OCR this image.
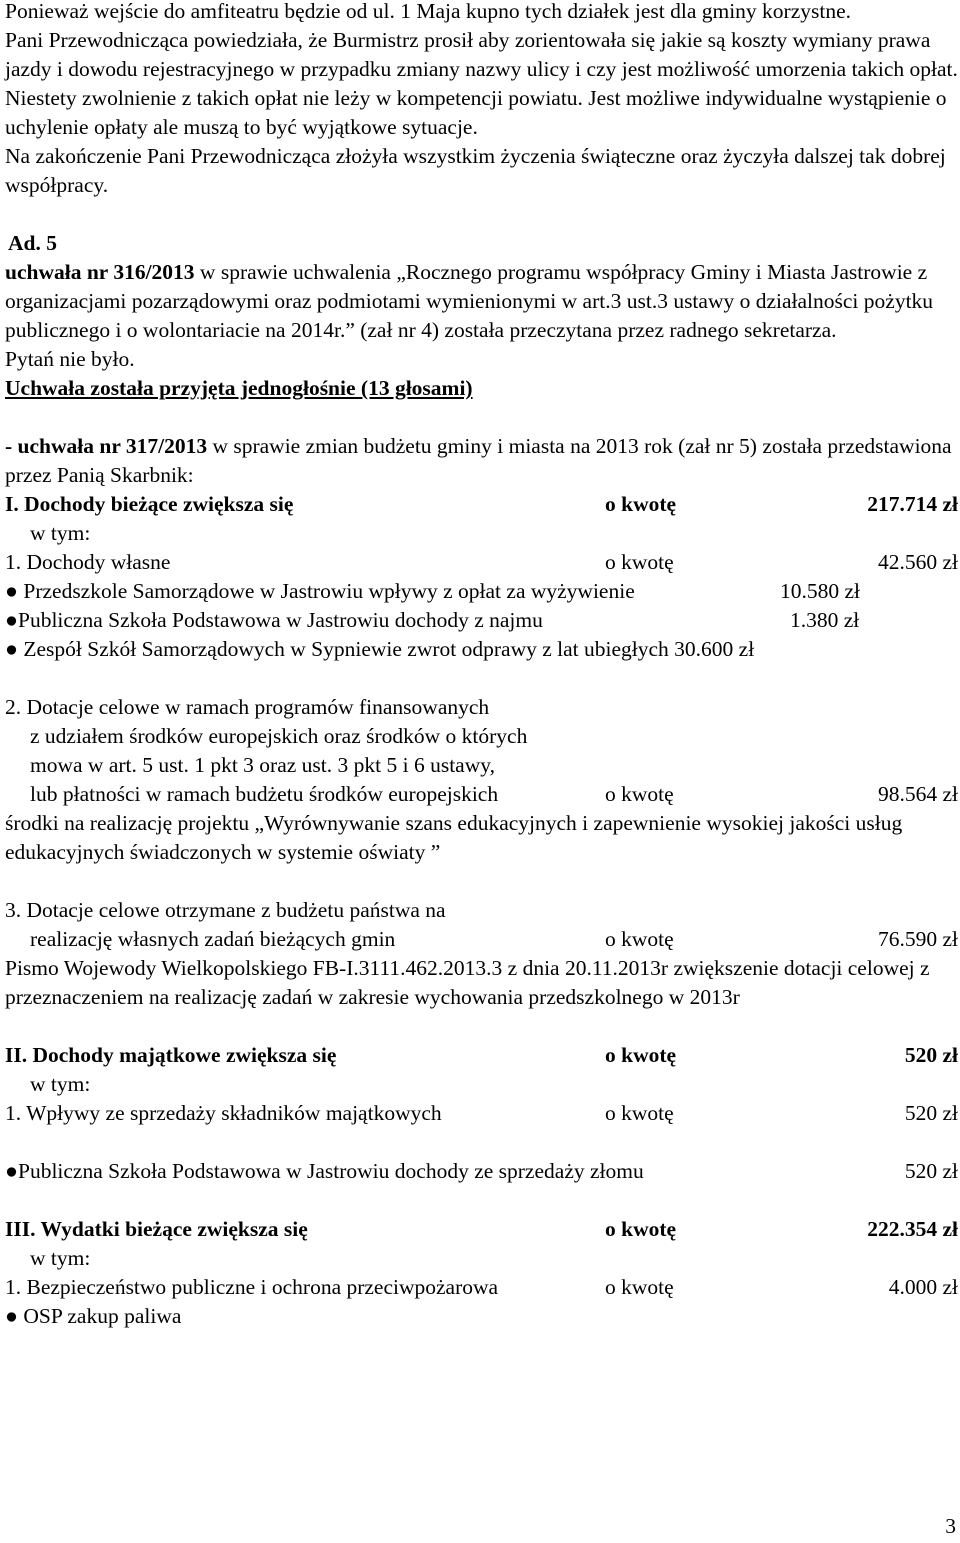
Ponieważ wejście do amfiteatru będzie od ul. 1 Maja kupno tych działek jest dla gminy korzystne.

Pani Przewodnicząca powiedziała, że Burmistrz prosił aby zorientowała się jakie są koszty wymiany prawa jazdy i dowodu rejestracyjnego w przypadku zmiany nazwy ulicy i czy jest możliwość umorzenia takich opłat. Niestety zwolnienie z takich opłat nie leży w kompetencji powiatu. Jest możliwe indywidualne wystąpienie o uchylenie opłaty ale muszą to być wyjątkowe sytuacje.

Na zakończenie Pani Przewodnicząca złożyła wszystkim życzenia świąteczne oraz życzyła dalszej tak dobrej współpracy.

Ad. 5

uchwała nr 316/2013 w sprawie uchwalenia „Rocznego programu współpracy Gminy i Miasta Jastrowie z organizacjami pozarządowymi oraz podmiotami wymienionymi w art.3 ust.3 ustawy o działalności pożytku publicznego i o wolontariacie na 2014r.” (zał nr 4) została przeczytana przez radnego sekretarza.

Pytań nie było.

Uchwała została przyjęta jednogłośnie (13 głosami)

- uchwała nr 317/2013 w sprawie zmian budżetu gminy i miasta na 2013 rok (zał nr 5) została przedstawiona przez Panią Skarbnik:

I. Dochody bieżące zwiększa się	o kwotę	217.714 zł

w tym:

1. Dochody własne	o kwotę	42.560 zł
● Przedszkole Samorządowe w Jastrowiu wpływy z opłat za wyżywienie	10.580 zł
●Publiczna Szkoła Podstawowa w Jastrowiu dochody z najmu	1.380 zł

● Zespół Szkół Samorządowych w Sypniewie zwrot odprawy z lat ubiegłych 30.600 zł

2. Dotacje celowe w ramach programów finansowanych

z udziałem środków europejskich oraz środków o których

mowa w art. 5 ust. 1 pkt 3 oraz ust. 3 pkt 5 i 6 ustawy,

lub płatności w ramach budżetu środków europejskich	o kwotę	98.564 zł

środki na realizację projektu „Wyrównywanie szans edukacyjnych i zapewnienie wysokiej jakości usług edukacyjnych świadczonych w systemie oświaty ”

3. Dotacje celowe otrzymane z budżetu państwa na

realizację własnych zadań bieżących gmin	o kwotę	76.590 zł

Pismo Wojewody Wielkopolskiego FB-I.3111.462.2013.3 z dnia 20.11.2013r zwiększenie dotacji celowej z przeznaczeniem na realizację zadań w zakresie wychowania przedszkolnego w 2013r

II. Dochody majątkowe zwiększa się	o kwotę	520 zł

w tym:

1. Wpływy ze sprzedaży składników majątkowych	o kwotę	520 zł
●Publiczna Szkoła Podstawowa w Jastrowiu dochody ze sprzedaży złomu	520 zł
III. Wydatki bieżące zwiększa się	o kwotę	222.354 zł

w tym:

1. Bezpieczeństwo publiczne i ochrona przeciwpożarowa	o kwotę	4.000 zł

● OSP zakup paliwa

3
